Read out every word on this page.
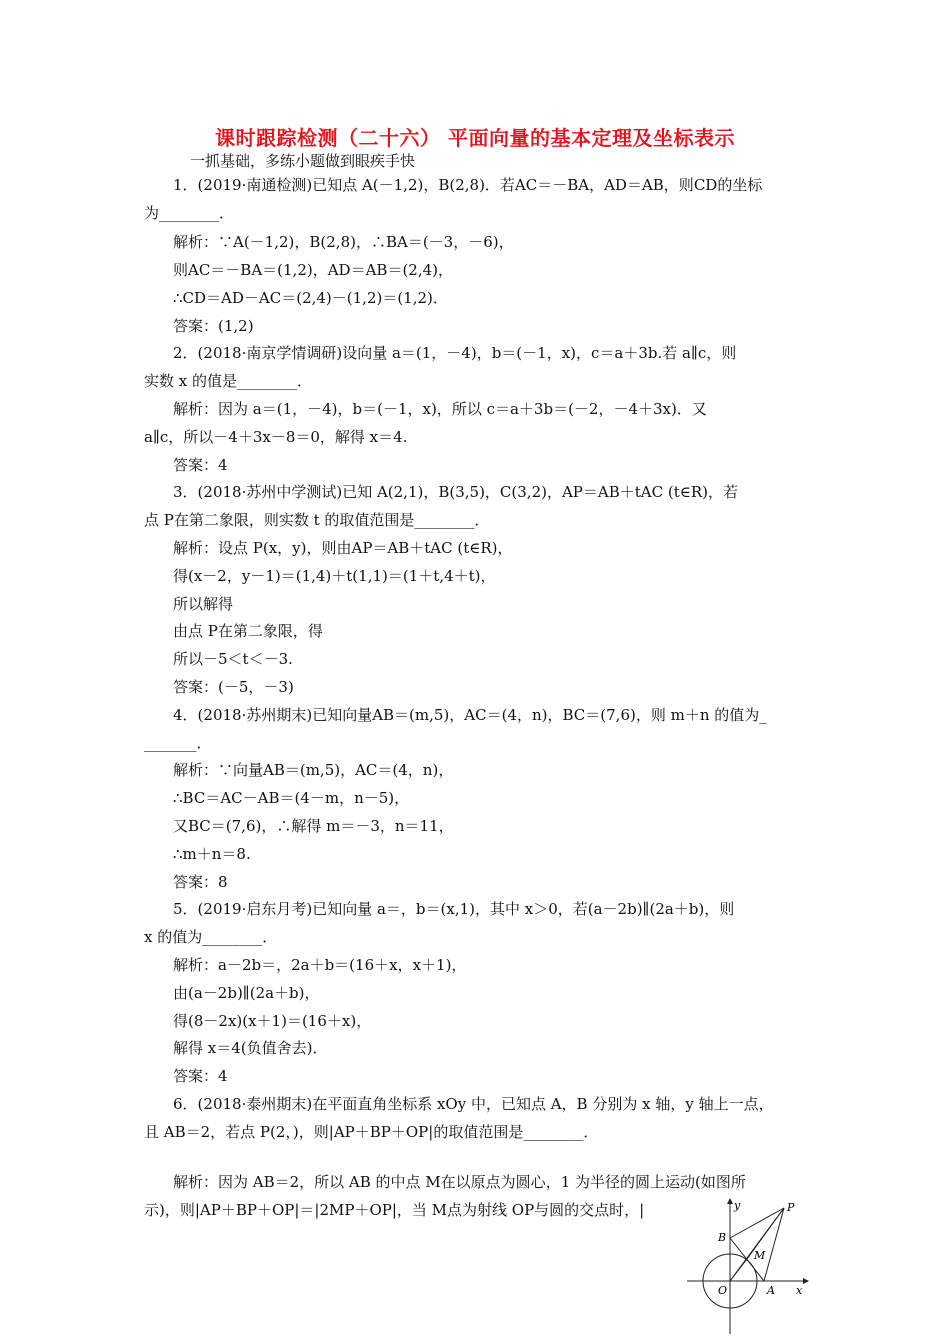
课时跟踪检测（二十六） 平面向量的基本定理及坐标表示
一抓基础，多练小题做到眼疾手快
1．(2019·南通检测)已知点 A(－1,2)，B(2,8)．若AC＝－BA，AD＝AB，则CD的坐标
为________．
解析：∵A(－1,2)，B(2,8)，∴BA＝(－3，－6)，
则AC＝－BA＝(1,2)，AD＝AB＝(2,4)，
∴CD＝AD－AC＝(2,4)－(1,2)＝(1,2)．
答案：(1,2)
2．(2018·南京学情调研)设向量 a＝(1，－4)，b＝(－1，x)，c＝a＋3b.若 a∥c，则
实数 x 的值是________．
解析：因为 a＝(1，－4)，b＝(－1，x)，所以 c＝a＋3b＝(－2，－4＋3x)．又
a∥c，所以－4＋3x－8＝0，解得 x＝4.
答案：4
3．(2018·苏州中学测试)已知 A(2,1)，B(3,5)，C(3,2)，AP＝AB＋tAC (t∈R)，若
点 P在第二象限，则实数 t 的取值范围是________．
解析：设点 P(x，y)，则由AP＝AB＋tAC (t∈R)，
得(x－2，y－1)＝(1,4)＋t(1,1)＝(1＋t,4＋t)，
所以解得
由点 P在第二象限，得
所以－5＜t＜－3.
答案：(－5，－3)
4．(2018·苏州期末)已知向量AB＝(m,5)，AC＝(4，n)，BC＝(7,6)，则 m＋n 的值为_
_______．
解析：∵向量AB＝(m,5)，AC＝(4，n)，
∴BC＝AC－AB＝(4－m，n－5)，
又BC＝(7,6)，∴解得 m＝－3，n＝11，
∴m＋n＝8.
答案：8
5．(2019·启东月考)已知向量 a＝，b＝(x,1)，其中 x＞0，若(a－2b)∥(2a＋b)，则
x 的值为________．
解析：a－2b＝，2a＋b＝(16＋x，x＋1)，
由(a－2b)∥(2a＋b)，
得(8－2x)(x＋1)＝(16＋x)，
解得 x＝4(负值舍去)．
答案：4
6．(2018·泰州期末)在平面直角坐标系 xOy 中，已知点 A，B 分别为 x 轴，y 轴上一点，
且 AB＝2，若点 P(2，)，则|AP＋BP＋OP|的取值范围是________．
解析：因为 AB＝2，所以 AB 的中点 M在以原点为圆心，1 为半径的圆上运动(如图所
示)，则|AP＋BP＋OP|＝|2MP＋OP|，当 M点为射线 OP与圆的交点时，|	y	P
B
M
O	A x
